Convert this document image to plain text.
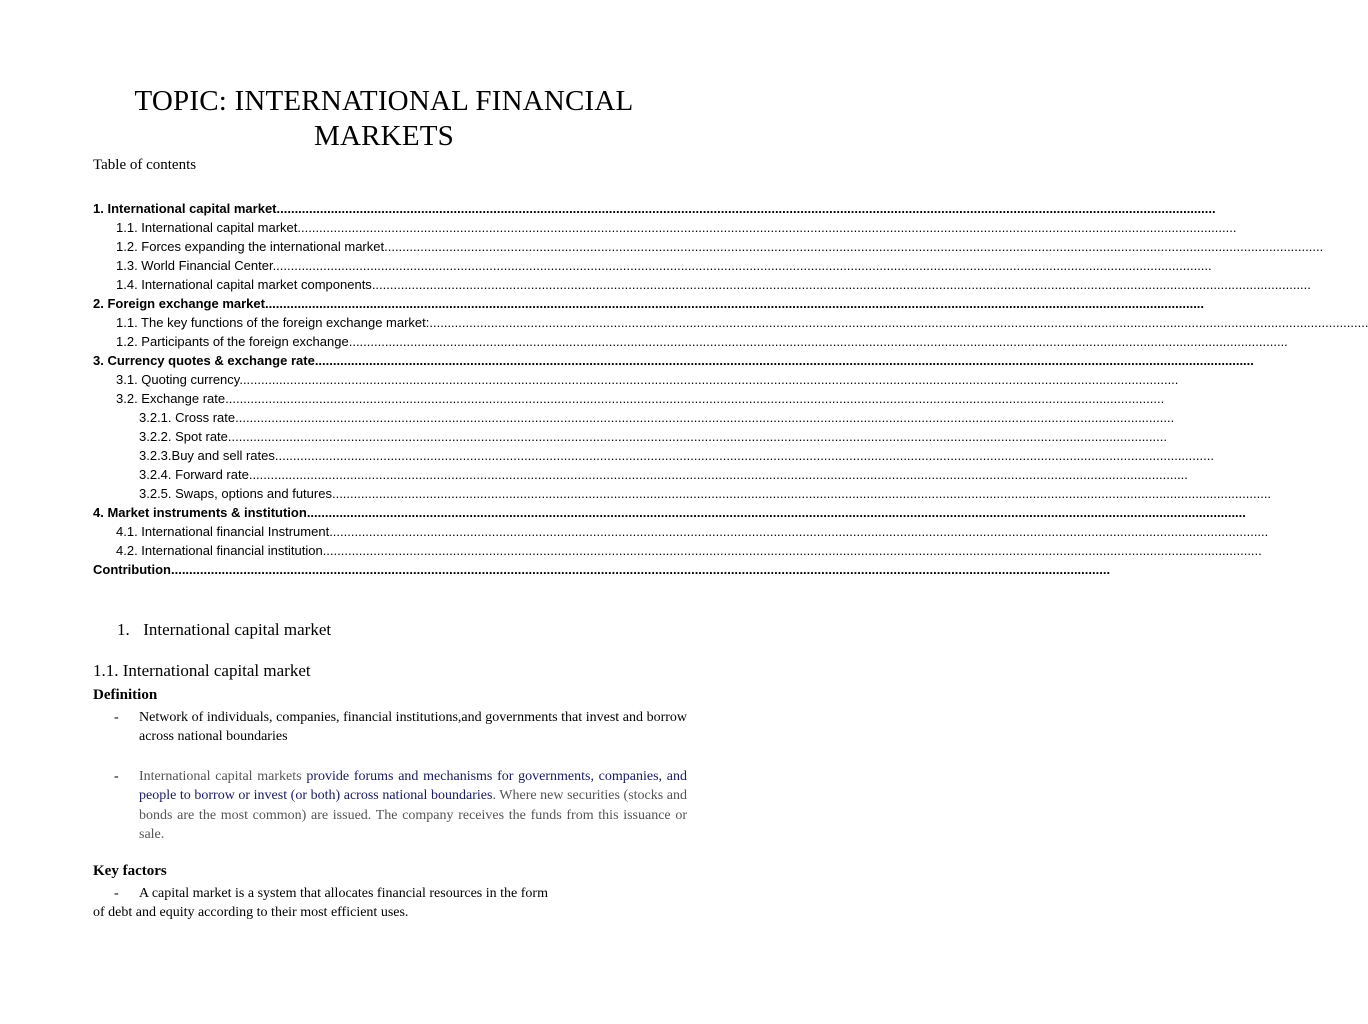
TOPIC: INTERNATIONAL FINANCIAL
MARKETS
Table of contents
1. International capital market....................................................................................................................................................................................................................................................................
1.1. International capital market....................................................................................................................................................................................................................................................................
1.2. Forces expanding the international market....................................................................................................................................................................................................................................................................
1.3. World Financial Center....................................................................................................................................................................................................................................................................
1.4. International capital market components....................................................................................................................................................................................................................................................................
2. Foreign exchange market....................................................................................................................................................................................................................................................................
1.1. The key functions of the foreign exchange market:....................................................................................................................................................................................................................................................................
1.2. Participants of the foreign exchange....................................................................................................................................................................................................................................................................
3. Currency quotes & exchange rate....................................................................................................................................................................................................................................................................
3.1. Quoting currency....................................................................................................................................................................................................................................................................
3.2. Exchange rate....................................................................................................................................................................................................................................................................
3.2.1. Cross rate....................................................................................................................................................................................................................................................................
3.2.2. Spot rate....................................................................................................................................................................................................................................................................
3.2.3.Buy and sell rates....................................................................................................................................................................................................................................................................
3.2.4. Forward rate....................................................................................................................................................................................................................................................................
3.2.5. Swaps, options and futures....................................................................................................................................................................................................................................................................
4. Market instruments & institution....................................................................................................................................................................................................................................................................
4.1. International financial Instrument....................................................................................................................................................................................................................................................................
4.2. International financial institution....................................................................................................................................................................................................................................................................
Contribution....................................................................................................................................................................................................................................................................
1. International capital market
1.1. International capital market
Definition
- Network of individuals, companies, financial institutions,and governments that invest and borrow across national boundaries
- International capital markets provide forums and mechanisms for governments, companies, and people to borrow or invest (or both) across national boundaries. Where new securities (stocks and bonds are the most common) are issued. The company receives the funds from this issuance or sale.
Key factors
- A capital market is a system that allocates financial resources in the form
of debt and equity according to their most efficient uses.
